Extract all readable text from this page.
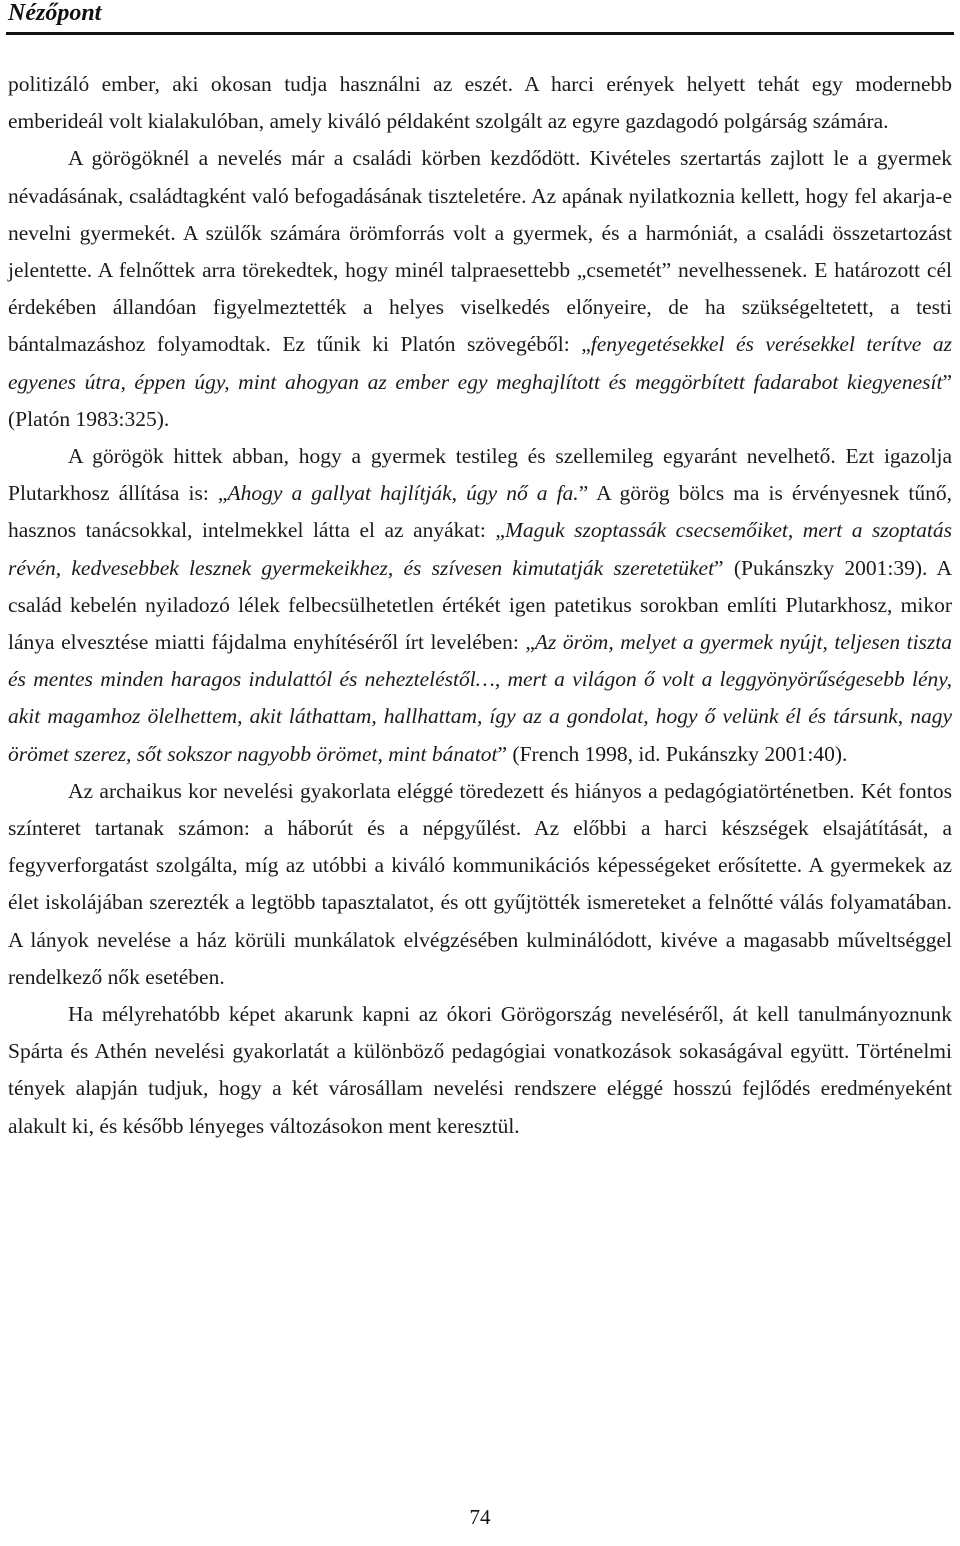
Nézőpont

politizáló ember, aki okosan tudja használni az eszét. A harci erények helyett tehát egy modernebb emberideál volt kialakulóban, amely kiváló példaként szolgált az egyre gazdagodó polgárság számára.

A görögöknél a nevelés már a családi körben kezdődött. Kivételes szertartás zajlott le a gyermek névadásának, családtagként való befogadásának tiszteletére. Az apának nyilatkoznia kellett, hogy fel akarja-e nevelni gyermekét. A szülők számára örömforrás volt a gyermek, és a harmóniát, a családi összetartozást jelentette. A felnőttek arra törekedtek, hogy minél talpraesettebb „csemetét” nevelhessenek. E határozott cél érdekében állandóan figyelmeztették a helyes viselkedés előnyeire, de ha szükségeltetett, a testi bántalmazáshoz folyamodtak. Ez tűnik ki Platón szövegéből: „fenyegetésekkel és verésekkel terítve az egyenes útra, éppen úgy, mint ahogyan az ember egy meghajlított és meggörbített fadarabot kiegyenesít” (Platón 1983:325).

A görögök hittek abban, hogy a gyermek testileg és szellemileg egyaránt nevelhető. Ezt igazolja Plutarkhosz állítása is: „Ahogy a gallyat hajlítják, úgy nő a fa.” A görög bölcs ma is érvényesnek tűnő, hasznos tanácsokkal, intelmekkel látta el az anyákat: „Maguk szoptassák csecsemőiket, mert a szoptatás révén, kedvesebbek lesznek gyermekeikhez, és szívesen kimutatják szeretetüket” (Pukánszky 2001:39). A család kebelén nyiladozó lélek felbecsülhetetlen értékét igen patetikus sorokban említi Plutarkhosz, mikor lánya elvesztése miatti fájdalma enyhítéséről írt levelében: „Az öröm, melyet a gyermek nyújt, teljesen tiszta és mentes minden haragos indulattól és nehezteléstől…, mert a világon ő volt a leggyönyörűségesebb lény, akit magamhoz ölelhettem, akit láthattam, hallhattam, így az a gondolat, hogy ő velünk él és társunk, nagy örömet szerez, sőt sokszor nagyobb örömet, mint bánatot” (French 1998, id. Pukánszky 2001:40).

Az archaikus kor nevelési gyakorlata eléggé töredezett és hiányos a pedagógiatörténetben. Két fontos színteret tartanak számon: a háborút és a népgyűlést. Az előbbi a harci készségek elsajátítását, a fegyverforgatást szolgálta, míg az utóbbi a kiváló kommunikációs képességeket erősítette. A gyermekek az élet iskolájában szerezték a legtöbb tapasztalatot, és ott gyűjtötték ismereteket a felnőtté válás folyamatában. A lányok nevelése a ház körüli munkálatok elvégzésében kulminálódott, kivéve a magasabb műveltséggel rendelkező nők esetében.

Ha mélyrehatóbb képet akarunk kapni az ókori Görögország neveléséről, át kell tanulmányoznunk Spárta és Athén nevelési gyakorlatát a különböző pedagógiai vonatkozások sokaságával együtt. Történelmi tények alapján tudjuk, hogy a két városállam nevelési rendszere eléggé hosszú fejlődés eredményeként alakult ki, és később lényeges változásokon ment keresztül.

74
